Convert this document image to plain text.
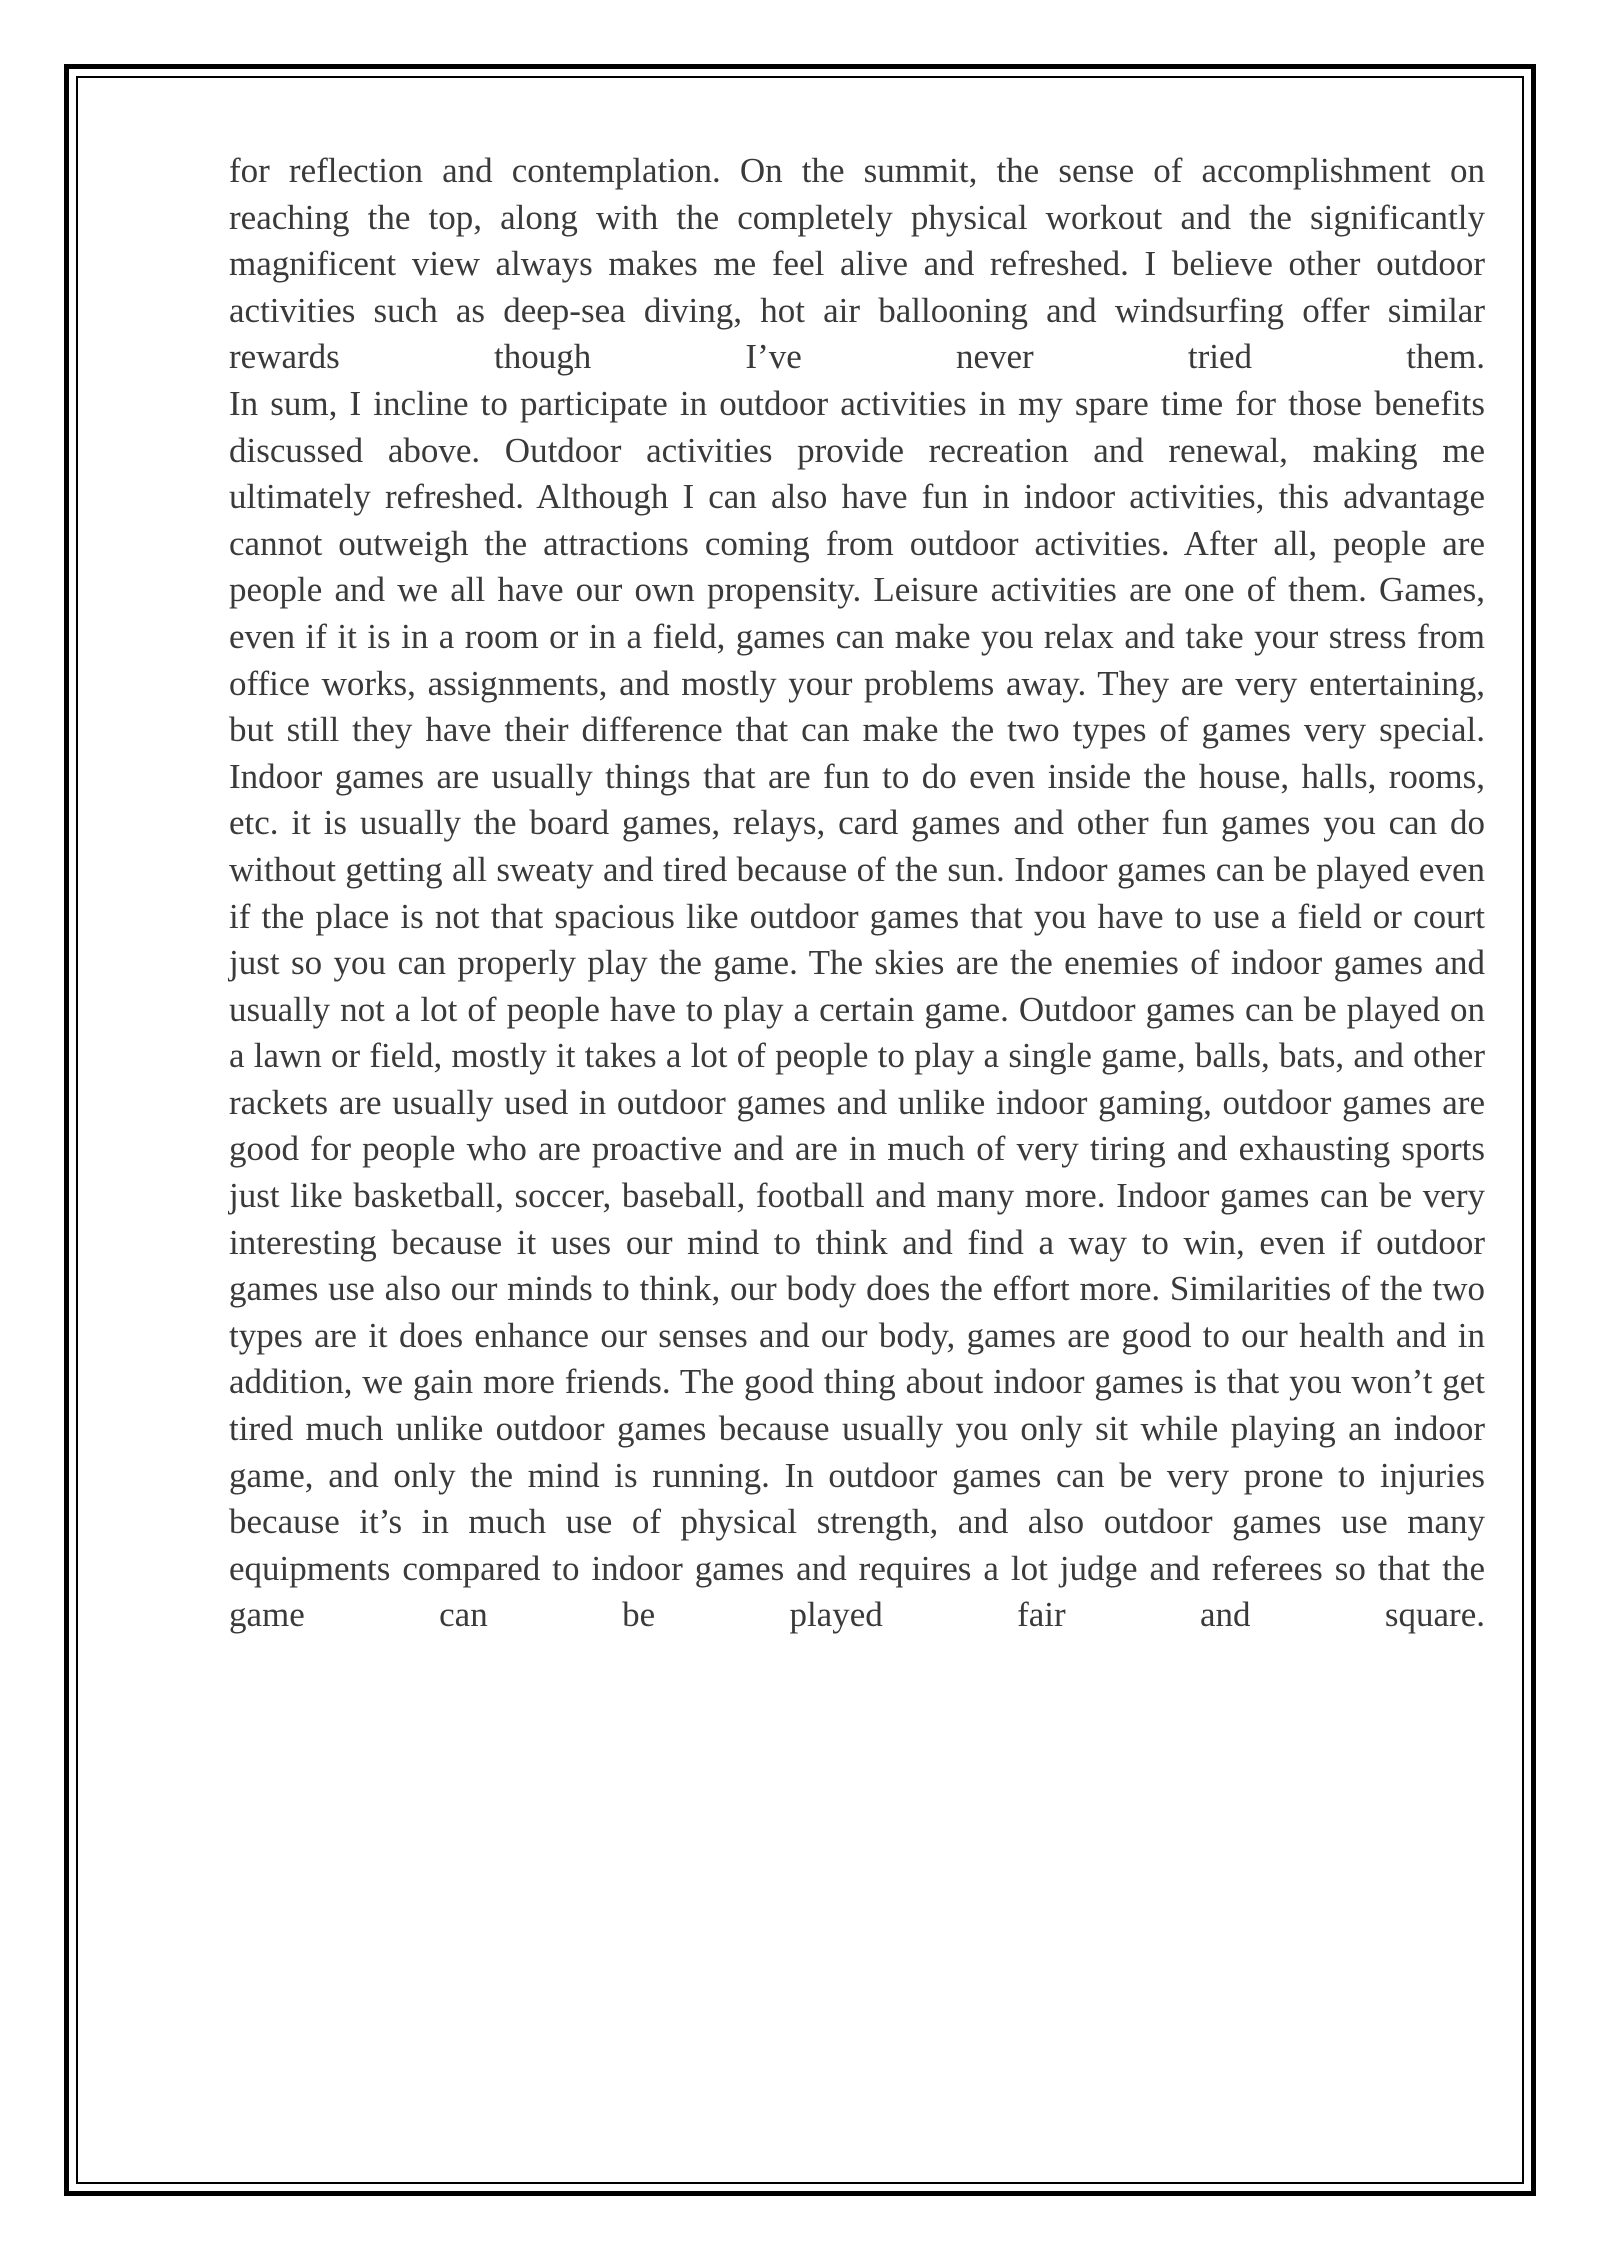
for reflection and contemplation. On the summit, the sense of accomplishment on reaching the top, along with the completely physical workout and the significantly magnificent view always makes me feel alive and refreshed. I believe other outdoor activities such as deep-sea diving, hot air ballooning and windsurfing offer similar rewards though I’ve never tried them.

In sum, I incline to participate in outdoor activities in my spare time for those benefits discussed above. Outdoor activities provide recreation and renewal, making me ultimately refreshed. Although I can also have fun in indoor activities, this advantage cannot outweigh the attractions coming from outdoor activities. After all, people are people and we all have our own propensity. Leisure activities are one of them. Games, even if it is in a room or in a field, games can make you relax and take your stress from office works, assignments, and mostly your problems away. They are very entertaining, but still they have their difference that can make the two types of games very special. Indoor games are usually things that are fun to do even inside the house, halls, rooms, etc. it is usually the board games, relays, card games and other fun games you can do without getting all sweaty and tired because of the sun. Indoor games can be played even if the place is not that spacious like outdoor games that you have to use a field or court just so you can properly play the game. The skies are the enemies of indoor games and usually not a lot of people have to play a certain game. Outdoor games can be played on a lawn or field, mostly it takes a lot of people to play a single game, balls, bats, and other rackets are usually used in outdoor games and unlike indoor gaming, outdoor games are good for people who are proactive and are in much of very tiring and exhausting sports just like basketball, soccer, baseball, football and many more. Indoor games can be very interesting because it uses our mind to think and find a way to win, even if outdoor games use also our minds to think, our body does the effort more. Similarities of the two types are it does enhance our senses and our body, games are good to our health and in addition, we gain more friends. The good thing about indoor games is that you won’t get tired much unlike outdoor games because usually you only sit while playing an indoor game, and only the mind is running. In outdoor games can be very prone to injuries because it’s in much use of physical strength, and also outdoor games use many equipments compared to indoor games and requires a lot judge and referees so that the game can be played fair and square.
